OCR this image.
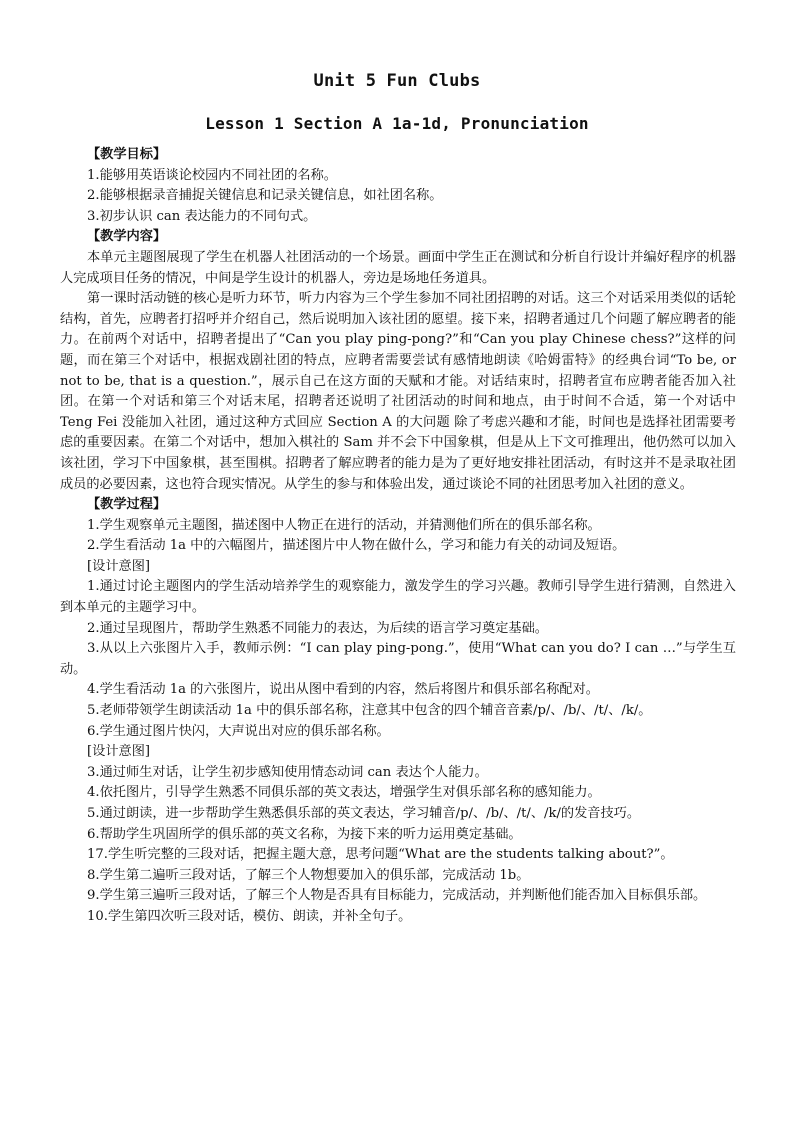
Unit 5 Fun Clubs
Lesson 1 Section A 1a-1d, Pronunciation

【教学目标】

1.能够用英语谈论校园内不同社团的名称。

2.能够根据录音捕捉关键信息和记录关键信息，如社团名称。

3.初步认识 can 表达能力的不同句式。

【教学内容】

本单元主题图展现了学生在机器人社团活动的一个场景。画面中学生正在测试和分析自行设计并编好程序的机器人完成项目任务的情况，中间是学生设计的机器人，旁边是场地任务道具。

第一课时活动链的核心是听力环节，听力内容为三个学生参加不同社团招聘的对话。这三个对话采用类似的话轮结构，首先，应聘者打招呼并介绍自己，然后说明加入该社团的愿望。接下来，招聘者通过几个问题了解应聘者的能力。在前两个对话中，招聘者提出了“Can you play ping-pong?”和“Can you play Chinese chess?”这样的问题，而在第三个对话中，根据戏剧社团的特点，应聘者需要尝试有感情地朗读《哈姆雷特》的经典台词“To be, or not to be, that is a question.”，展示自己在这方面的天赋和才能。对话结束时，招聘者宣布应聘者能否加入社团。在第一个对话和第三个对话末尾，招聘者还说明了社团活动的时间和地点，由于时间不合适，第一个对话中 Teng Fei 没能加入社团，通过这种方式回应 Section A 的大问题 除了考虑兴趣和才能，时间也是选择社团需要考虑的重要因素。在第二个对话中，想加入棋社的 Sam 并不会下中国象棋，但是从上下文可推理出，他仍然可以加入该社团，学习下中国象棋，甚至围棋。招聘者了解应聘者的能力是为了更好地安排社团活动，有时这并不是录取社团成员的必要因素，这也符合现实情况。从学生的参与和体验出发，通过谈论不同的社团思考加入社团的意义。

【教学过程】

1.学生观察单元主题图，描述图中人物正在进行的活动，并猜测他们所在的俱乐部名称。

2.学生看活动 1a 中的六幅图片，描述图片中人物在做什么，学习和能力有关的动词及短语。

[设计意图]

1.通过讨论主题图内的学生活动培养学生的观察能力，激发学生的学习兴趣。教师引导学生进行猜测，自然进入到本单元的主题学习中。

2.通过呈现图片，帮助学生熟悉不同能力的表达，为后续的语言学习奠定基础。

3.从以上六张图片入手，教师示例：“I can play ping-pong.”，使用“What can you do? I can …”与学生互动。

4.学生看活动 1a 的六张图片，说出从图中看到的内容，然后将图片和俱乐部名称配对。

5.老师带领学生朗读活动 1a 中的俱乐部名称，注意其中包含的四个辅音音素/p/、/b/、/t/、/k/。

6.学生通过图片快闪，大声说出对应的俱乐部名称。

[设计意图]

3.通过师生对话，让学生初步感知使用情态动词 can 表达个人能力。

4.依托图片，引导学生熟悉不同俱乐部的英文表达，增强学生对俱乐部名称的感知能力。

5.通过朗读，进一步帮助学生熟悉俱乐部的英文表达，学习辅音/p/、/b/、/t/、/k/的发音技巧。

6.帮助学生巩固所学的俱乐部的英文名称，为接下来的听力运用奠定基础。

17.学生听完整的三段对话，把握主题大意，思考问题“What are the students talking about?”。

8.学生第二遍听三段对话，了解三个人物想要加入的俱乐部，完成活动 1b。

9.学生第三遍听三段对话，了解三个人物是否具有目标能力，完成活动，并判断他们能否加入目标俱乐部。

10.学生第四次听三段对话，模仿、朗读，并补全句子。
